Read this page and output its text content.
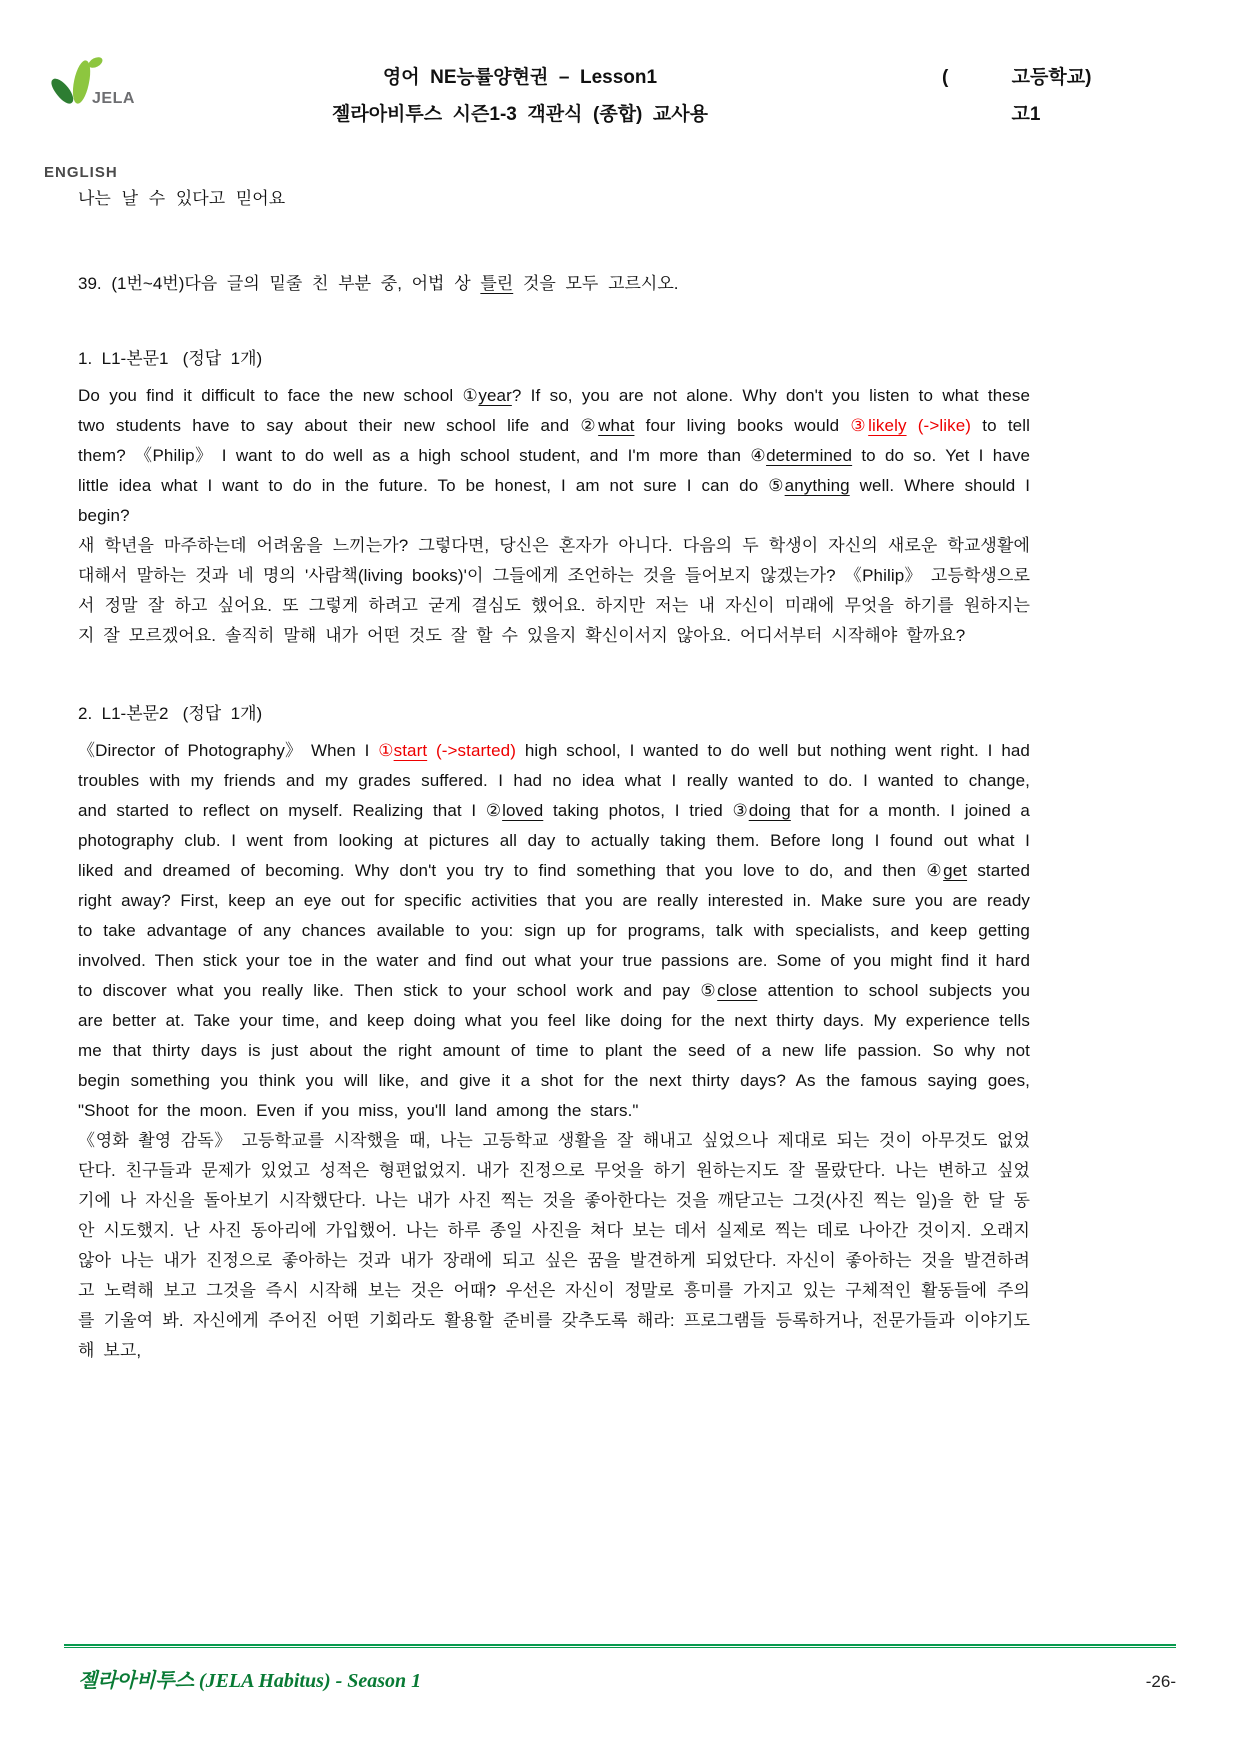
JELA
ENGLISH
영어  NE능률양현권  –  Lesson1
젤라아비투스  시즌1-3  객관식  (종합)  교사용
(            고등학교)
고1
나는 날 수 있다고 믿어요
39. (1번~4번)다음 글의 밑줄 친 부분 중, 어법 상 틀린 것을 모두 고르시오.
1.  L1-본문1   (정답  1개)

Do you find it difficult to face the new school ①year? If so, you are not alone. Why don't you listen to what these two students have to say about their new school life and ②what four living books would ③likely (->like) to tell them? 《Philip》 I want to do well as a high school student, and I'm more than ④determined to do so. Yet I have little idea what I want to do in the future. To be honest, I am not sure I can do ⑤anything well. Where should I begin?

새 학년을 마주하는데 어려움을 느끼는가? 그렇다면, 당신은 혼자가 아니다. 다음의 두 학생이 자신의 새로운 학교생활에 대해서 말하는 것과 네 명의 '사람책(living books)'이 그들에게 조언하는 것을 들어보지 않겠는가? 《Philip》 고등학생으로서 정말 잘 하고 싶어요. 또 그렇게 하려고 굳게 결심도 했어요. 하지만 저는 내 자신이 미래에 무엇을 하기를 원하지는 지 잘 모르겠어요. 솔직히 말해 내가 어떤 것도 잘 할 수 있을지 확신이서지 않아요. 어디서부터 시작해야 할까요?

2.  L1-본문2   (정답  1개)

《Director of Photography》 When I ①start (->started) high school, I wanted to do well but nothing went right. I had troubles with my friends and my grades suffered. I had no idea what I really wanted to do. I wanted to change, and started to reflect on myself. Realizing that I ②loved taking photos, I tried ③doing that for a month. I joined a photography club. I went from looking at pictures all day to actually taking them. Before long I found out what I liked and dreamed of becoming. Why don't you try to find something that you love to do, and then ④get started right away? First, keep an eye out for specific activities that you are really interested in. Make sure you are ready to take advantage of any chances available to you: sign up for programs, talk with specialists, and keep getting involved. Then stick your toe in the water and find out what your true passions are. Some of you might find it hard to discover what you really like. Then stick to your school work and pay ⑤close attention to school subjects you are better at. Take your time, and keep doing what you feel like doing for the next thirty days. My experience tells me that thirty days is just about the right amount of time to plant the seed of a new life passion. So why not begin something you think you will like, and give it a shot for the next thirty days? As the famous saying goes, "Shoot for the moon. Even if you miss, you'll land among the stars."

《영화 촬영 감독》 고등학교를 시작했을 때, 나는 고등학교 생활을 잘 해내고 싶었으나 제대로 되는 것이 아무것도 없었단다. 친구들과 문제가 있었고 성적은 형편없었지. 내가 진정으로 무엇을 하기 원하는지도 잘 몰랐단다. 나는 변하고 싶었기에 나 자신을 돌아보기 시작했단다. 나는 내가 사진 찍는 것을 좋아한다는 것을 깨닫고는 그것(사진 찍는 일)을 한 달 동안 시도했지. 난 사진 동아리에 가입했어. 나는 하루 종일 사진을 쳐다 보는 데서 실제로 찍는 데로 나아간 것이지. 오래지 않아 나는 내가 진정으로 좋아하는 것과 내가 장래에 되고 싶은 꿈을 발견하게 되었단다. 자신이 좋아하는 것을 발견하려고 노력해 보고 그것을 즉시 시작해 보는 것은 어때? 우선은 자신이 정말로 흥미를 가지고 있는 구체적인 활동들에 주의를 기울여 봐. 자신에게 주어진 어떤 기회라도 활용할 준비를 갖추도록 해라: 프로그램들 등록하거나, 전문가들과 이야기도 해 보고,

젤라아비투스 (JELA Habitus) - Season 1	-26-
